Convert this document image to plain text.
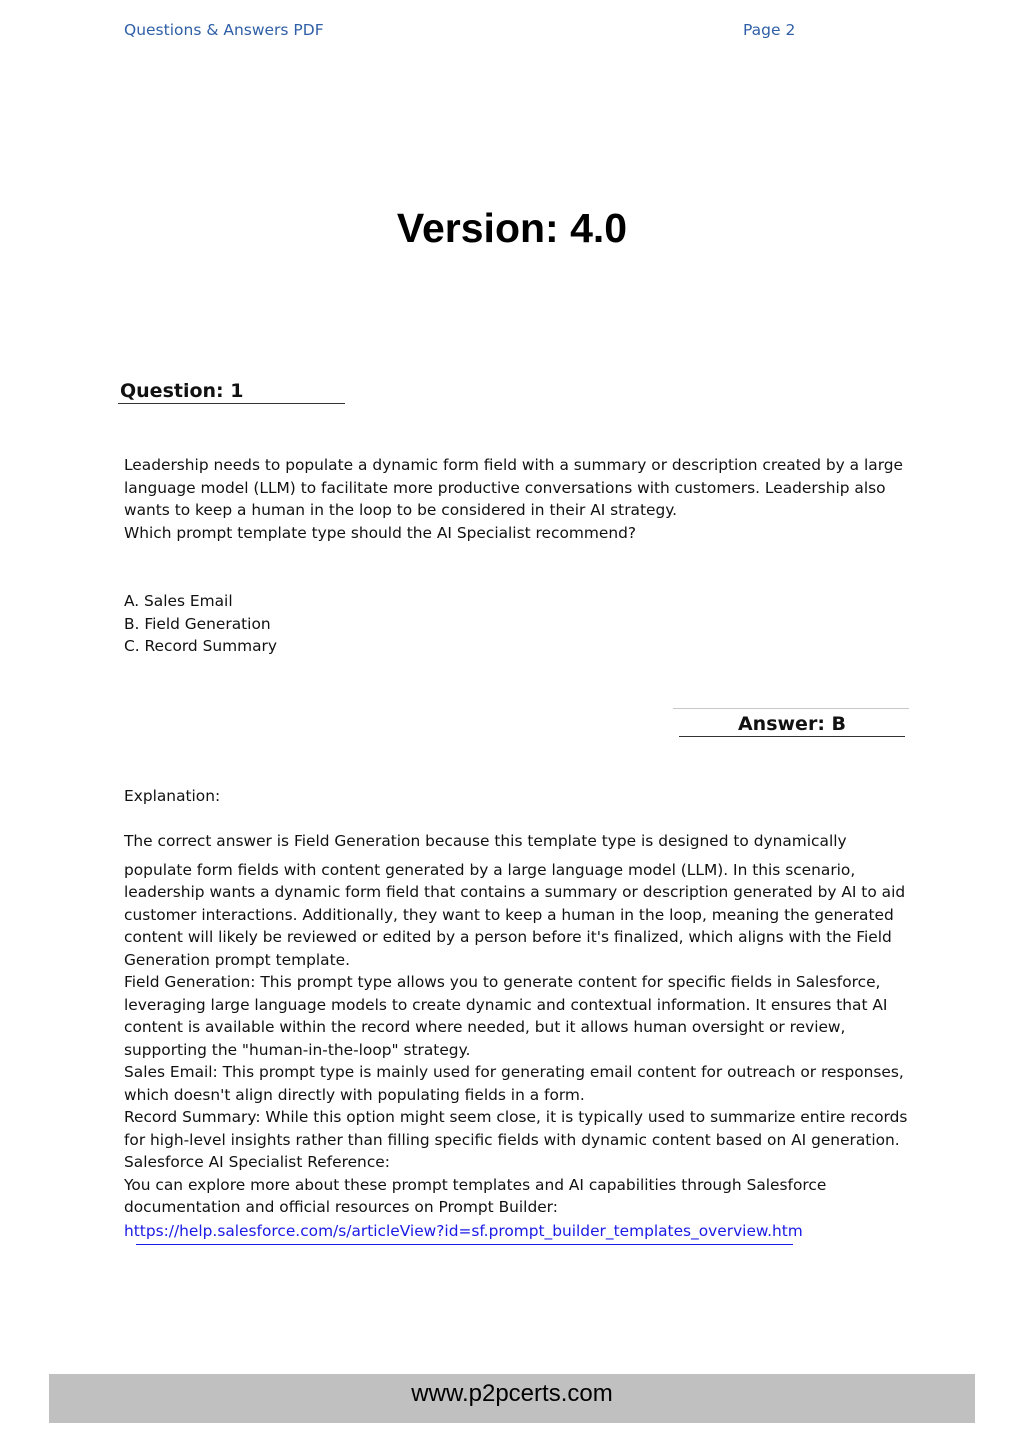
Questions & Answers PDF	Page 2
Version: 4.0
Question: 1
Leadership needs to populate a dynamic form field with a summary or description created by a large
language model (LLM) to facilitate more productive conversations with customers. Leadership also
wants to keep a human in the loop to be considered in their AI strategy.
Which prompt template type should the AI Specialist recommend?
A. Sales Email
B. Field Generation
C. Record Summary
Answer: B
Explanation:
The correct answer is Field Generation because this template type is designed to dynamically
populate form fields with content generated by a large language model (LLM). In this scenario,
leadership wants a dynamic form field that contains a summary or description generated by AI to aid
customer interactions. Additionally, they want to keep a human in the loop, meaning the generated
content will likely be reviewed or edited by a person before it's finalized, which aligns with the Field
Generation prompt template.
Field Generation: This prompt type allows you to generate content for specific fields in Salesforce,
leveraging large language models to create dynamic and contextual information. It ensures that AI
content is available within the record where needed, but it allows human oversight or review,
supporting the "human-in-the-loop" strategy.
Sales Email: This prompt type is mainly used for generating email content for outreach or responses,
which doesn't align directly with populating fields in a form.
Record Summary: While this option might seem close, it is typically used to summarize entire records
for high-level insights rather than filling specific fields with dynamic content based on AI generation.
Salesforce AI Specialist Reference:
You can explore more about these prompt templates and AI capabilities through Salesforce
documentation and official resources on Prompt Builder:
https://help.salesforce.com/s/articleView?id=sf.prompt_builder_templates_overview.htm
www.p2pcerts.com
